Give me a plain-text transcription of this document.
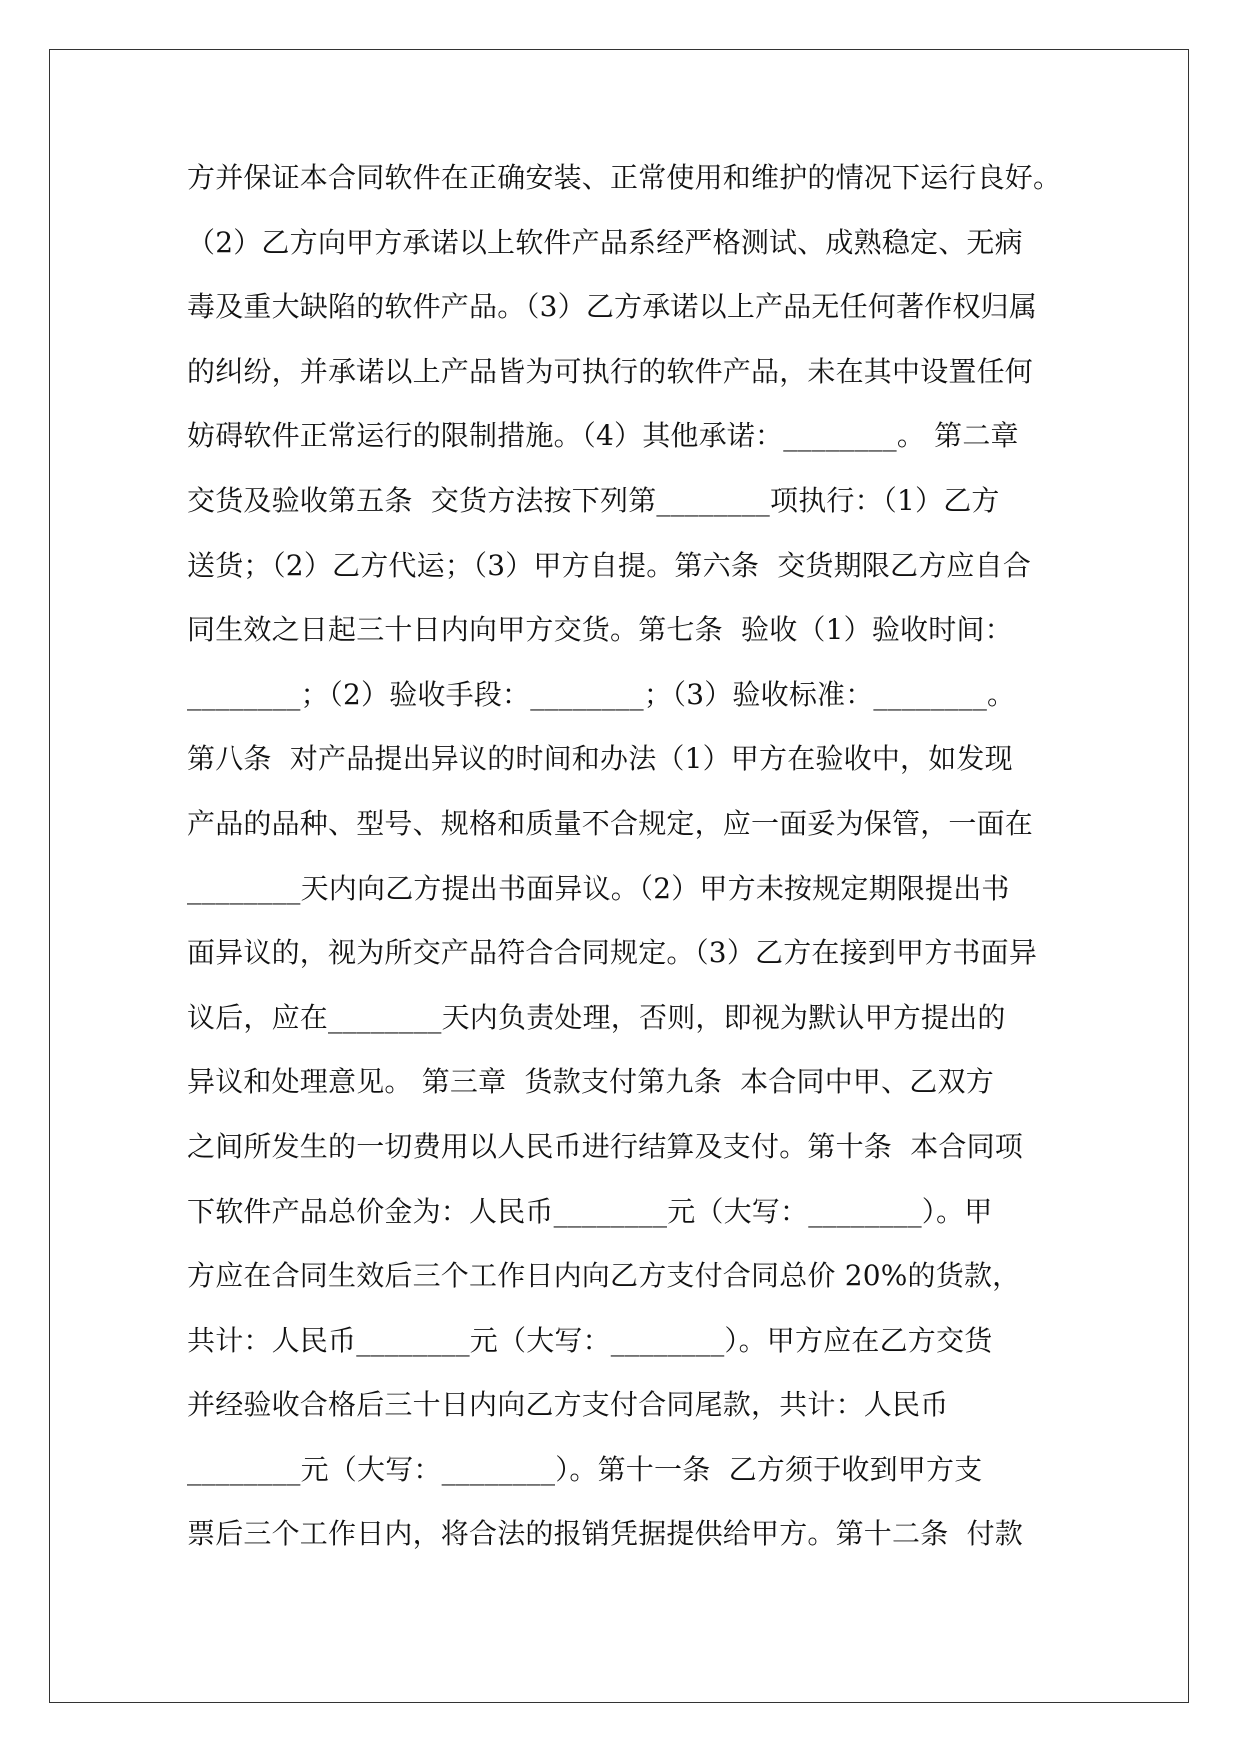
方并保证本合同软件在正确安装、正常使用和维护的情况下运行良好。
（2）乙方向甲方承诺以上软件产品系经严格测试、成熟稳定、无病
毒及重大缺陷的软件产品。（3）乙方承诺以上产品无任何著作权归属
的纠纷，并承诺以上产品皆为可执行的软件产品，未在其中设置任何
妨碍软件正常运行的限制措施。（4）其他承诺：________。 第二章
交货及验收第五条  交货方法按下列第________项执行：（1）乙方
送货；（2）乙方代运；（3）甲方自提。第六条  交货期限乙方应自合
同生效之日起三十日内向甲方交货。第七条  验收（1）验收时间：
________；（2）验收手段：________；（3）验收标准：________。
第八条  对产品提出异议的时间和办法（1）甲方在验收中，如发现
产品的品种、型号、规格和质量不合规定，应一面妥为保管，一面在
________天内向乙方提出书面异议。（2）甲方未按规定期限提出书
面异议的，视为所交产品符合合同规定。（3）乙方在接到甲方书面异
议后，应在________天内负责处理，否则，即视为默认甲方提出的
异议和处理意见。 第三章  货款支付第九条  本合同中甲、乙双方
之间所发生的一切费用以人民币进行结算及支付。第十条  本合同项
下软件产品总价金为：人民币________元（大写：________）。甲
方应在合同生效后三个工作日内向乙方支付合同总价 20%的货款，
共计：人民币________元（大写：________）。甲方应在乙方交货
并经验收合格后三十日内向乙方支付合同尾款，共计：人民币
________元（大写：________）。第十一条  乙方须于收到甲方支
票后三个工作日内，将合法的报销凭据提供给甲方。第十二条  付款
